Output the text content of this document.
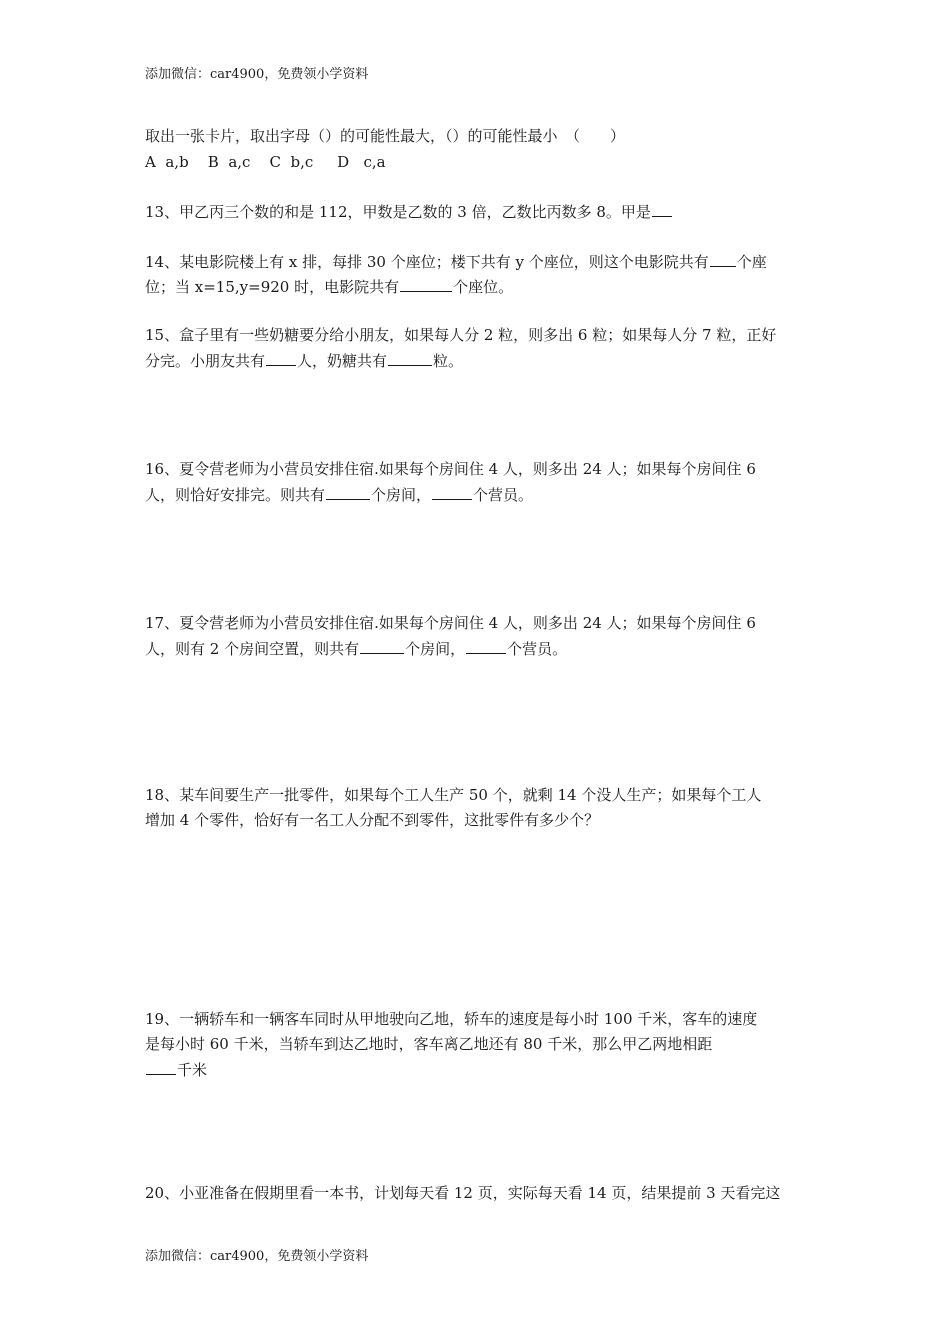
添加微信：car4900，免费领小学资料
取出一张卡片，取出字母（）的可能性最大，（）的可能性最小　（　　）
A  a,b    B  a,c    C  b,c     D   c,a
13、甲乙丙三个数的和是 112，甲数是乙数的 3 倍，乙数比丙数多 8。甲是
14、某电影院楼上有 x 排，每排 30 个座位；楼下共有 y 个座位，则这个电影院共有 个座
位；当 x=15,y=920 时，电影院共有	个座位。
15、盒子里有一些奶糖要分给小朋友，如果每人分 2 粒，则多出 6 粒；如果每人分 7 粒，正好
分完。小朋友共有 人，奶糖共有	粒。
16、夏令营老师为小营员安排住宿.如果每个房间住 4 人，则多出 24 人；如果每个房间住 6
人，则恰好安排完。则共有	个房间，	个营员。
17、夏令营老师为小营员安排住宿.如果每个房间住 4 人，则多出 24 人；如果每个房间住 6
人，则有 2 个房间空置，则共有	个房间，	个营员。
18、某车间要生产一批零件，如果每个工人生产 50 个，就剩 14 个没人生产；如果每个工人
增加 4 个零件，恰好有一名工人分配不到零件，这批零件有多少个？
19、一辆轿车和一辆客车同时从甲地驶向乙地，轿车的速度是每小时 100 千米，客车的速度
是每小时 60 千米，当轿车到达乙地时，客车离乙地还有 80 千米，那么甲乙两地相距
千米
20、小亚准备在假期里看一本书，计划每天看 12 页，实际每天看 14 页，结果提前 3 天看完这
添加微信：car4900，免费领小学资料
